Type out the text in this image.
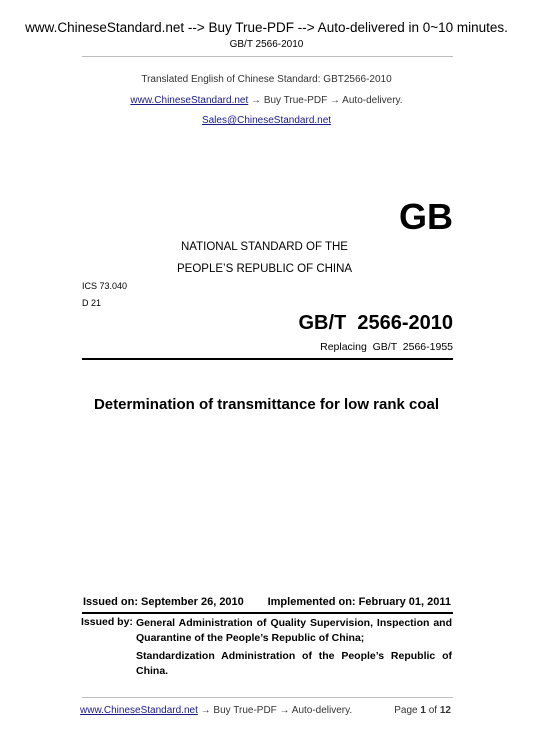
www.ChineseStandard.net --> Buy True-PDF --> Auto-delivered in 0~10 minutes.
GB/T 2566-2010
Translated English of Chinese Standard: GBT2566-2010
www.ChineseStandard.net → Buy True-PDF → Auto-delivery.
Sales@ChineseStandard.net
GB
NATIONAL STANDARD OF THE
PEOPLE’S REPUBLIC OF CHINA
ICS 73.040
D 21
GB/T  2566-2010
Replacing  GB/T  2566-1955
Determination of transmittance for low rank coal
Issued on: September 26, 2010 Implemented on: February 01, 2011
Issued by: General Administration of Quality Supervision, Inspection and
Quarantine of the People’s Republic of China;
Standardization Administration of the People’s Republic of
China.
www.ChineseStandard.net → Buy True-PDF → Auto-delivery.	Page 1 of 12
